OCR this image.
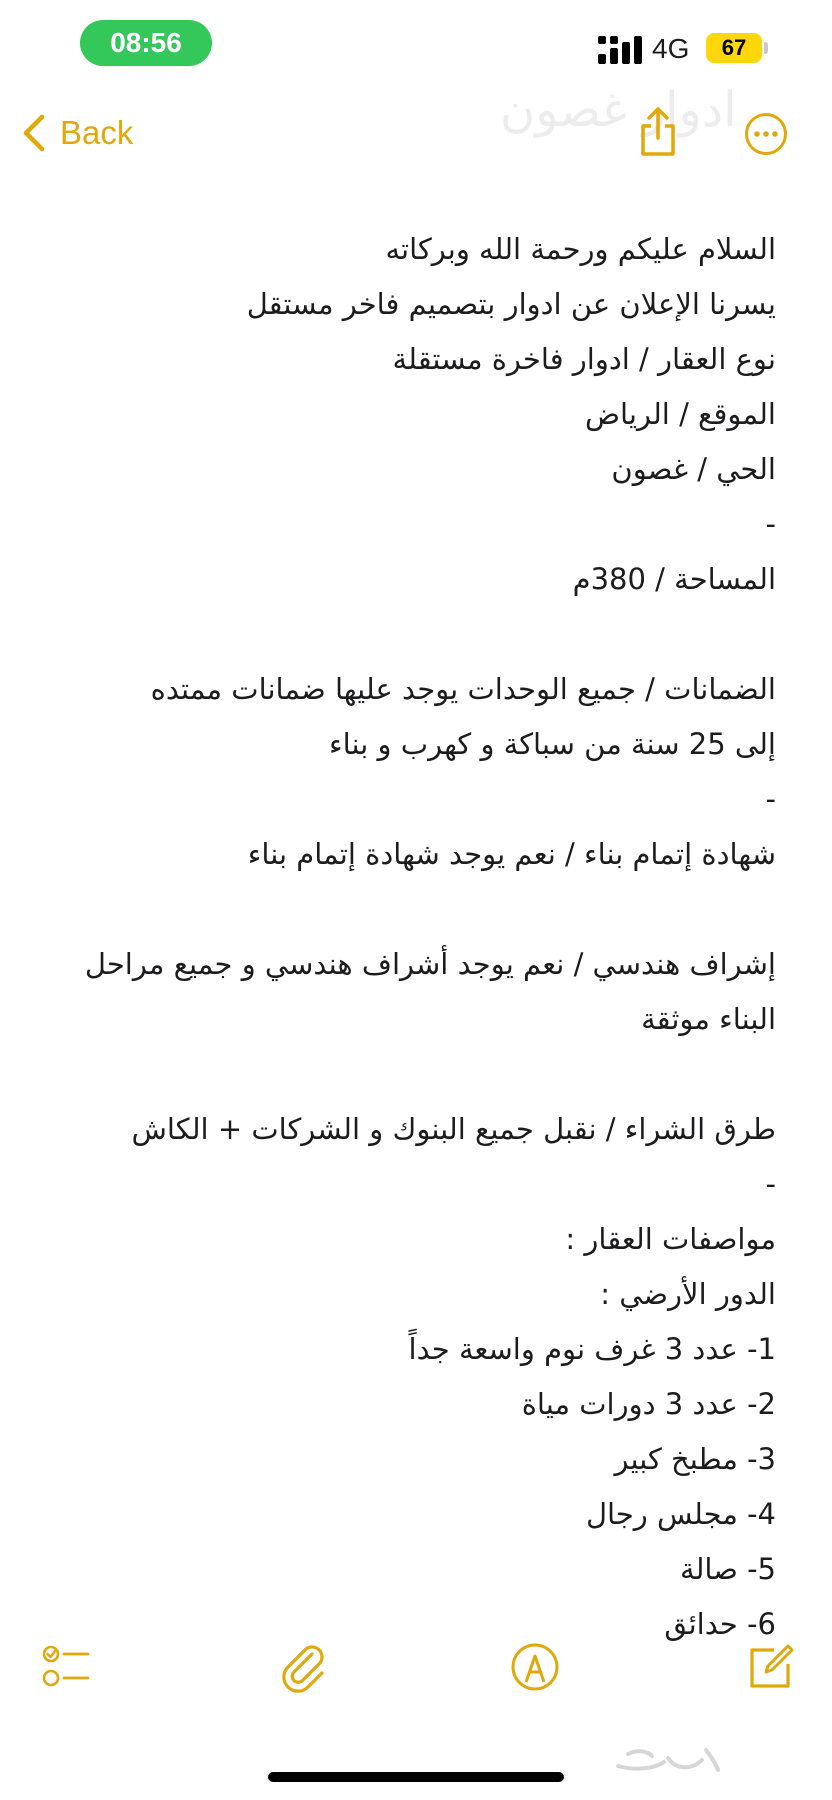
08:56	4G	67
ادوار غصون
Back
السلام عليكم ورحمة الله وبركاته
يسرنا الإعلان عن ادوار بتصميم فاخر مستقل
نوع العقار / ادوار فاخرة مستقلة
الموقع / الرياض
الحي / غصون
-
المساحة / 380م
الضمانات / جميع الوحدات يوجد عليها ضمانات ممتده
إلى 25 سنة من سباكة و كهرب و بناء
-
شهادة إتمام بناء / نعم يوجد شهادة إتمام بناء
إشراف هندسي / نعم يوجد أشراف هندسي و جميع مراحل
البناء موثقة
طرق الشراء / نقبل جميع البنوك و الشركات + الكاش
-
مواصفات العقار :
الدور الأرضي :
1- عدد 3 غرف نوم واسعة جداً
2- عدد 3 دورات مياة
3- مطبخ كبير
4- مجلس رجال
5- صالة
6- حدائق
